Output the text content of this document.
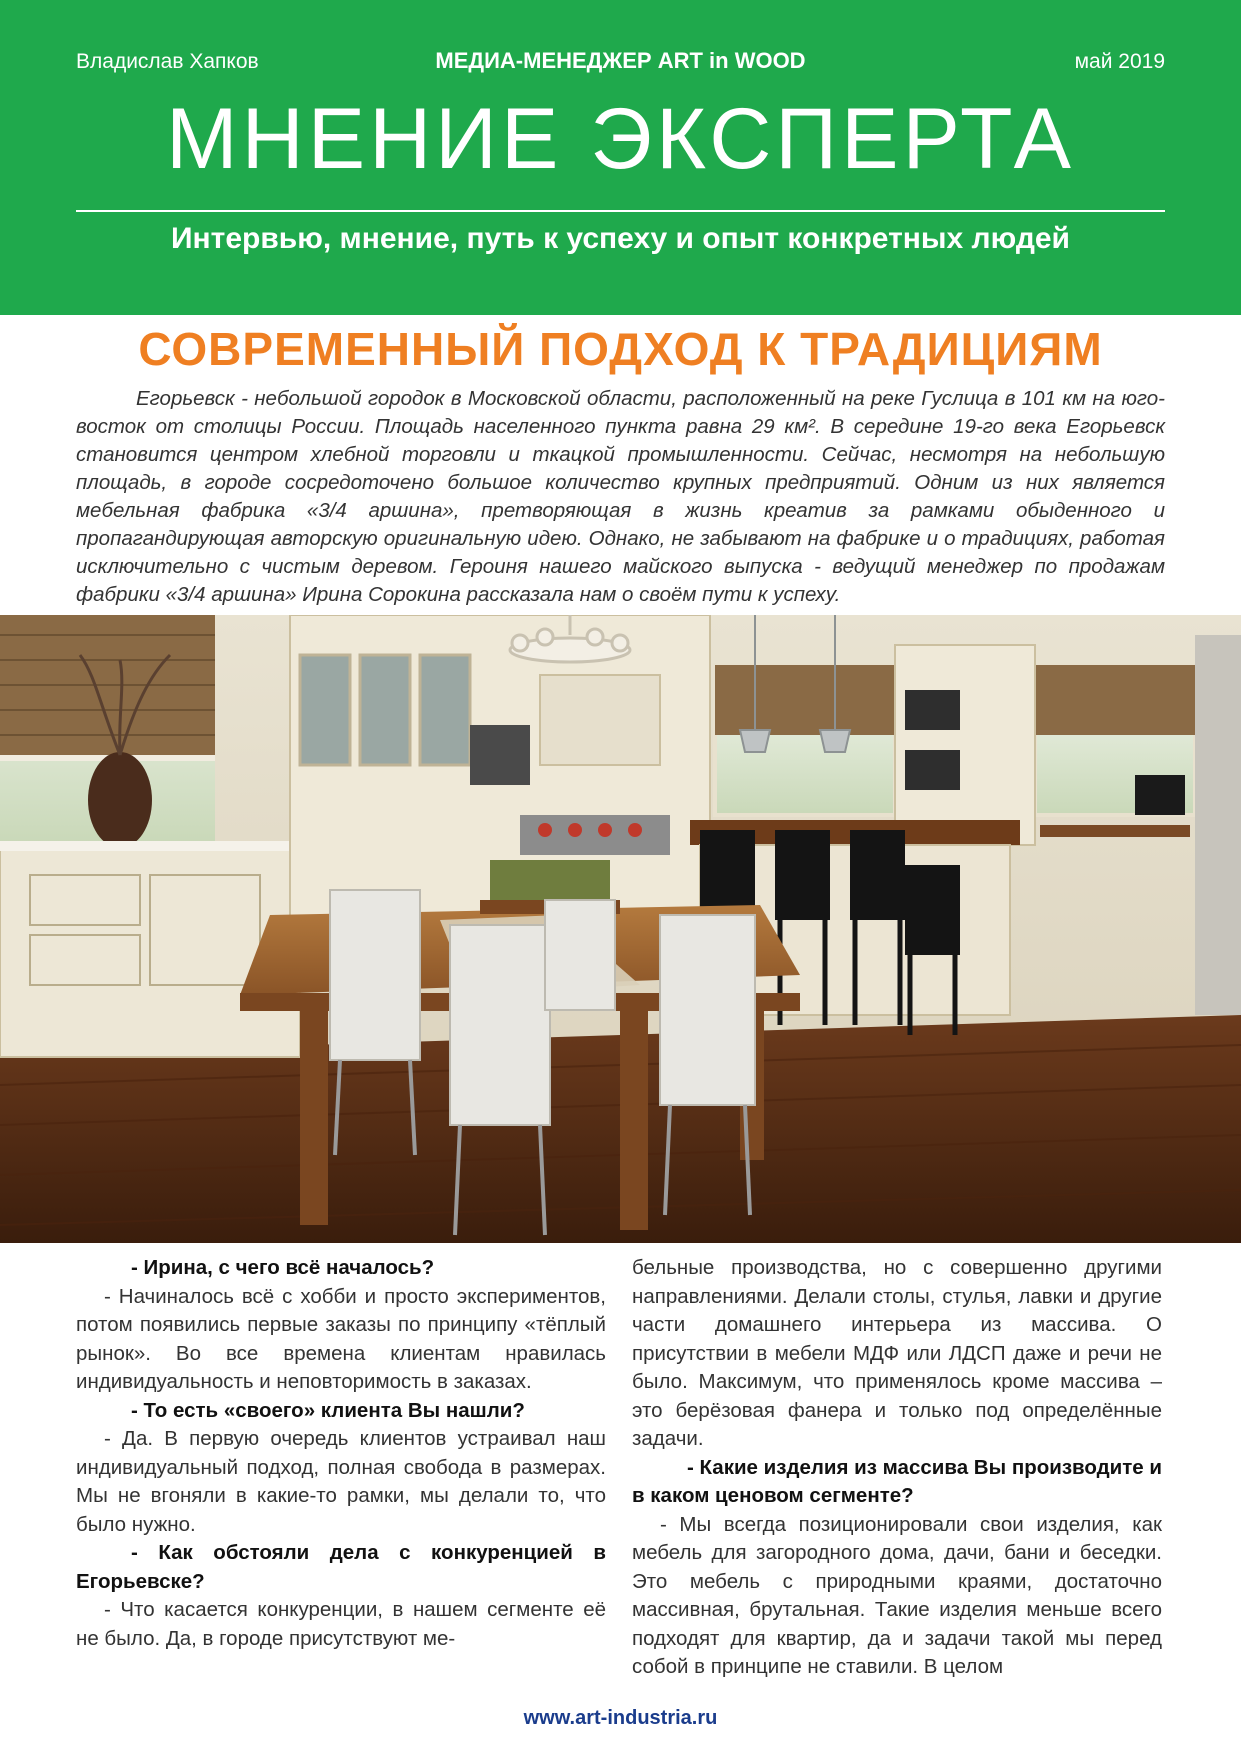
Владислав Хапков	МЕДИА-МЕНЕДЖЕР ART in WOOD	май 2019
МНЕНИЕ ЭКСПЕРТА
Интервью, мнение, путь к успеху и опыт конкретных людей
СОВРЕМЕННЫЙ ПОДХОД К ТРАДИЦИЯМ

Егорьевск - небольшой городок в Московской области, расположенный на реке Гуслица в 101 км на юго-восток от столицы России. Площадь населенного пункта равна 29 км². В середине 19-го века Егорьевск становится центром хлебной торговли и ткацкой промышленности. Сейчас, несмотря на небольшую площадь, в городе сосредоточено большое количество крупных предприятий. Одним из них является мебельная фабрика «3/4 аршина», претворяющая в жизнь креатив за рамками обыденного и пропагандирующая авторскую оригинальную идею. Однако, не забывают на фабрике и о традициях, работая исключительно с чистым деревом. Героиня нашего майского выпуска - ведущий менеджер по продажам фабрики «3/4 аршина» Ирина Сорокина рассказала нам о своём пути к успеху.

- Ирина, с чего всё началось?

- Начиналось всё с хобби и просто экспериментов, потом появились первые заказы по принципу «тёплый рынок». Во все времена клиентам нравилась индивидуальность и неповторимость в заказах.

- То есть «своего» клиента Вы нашли?

- Да. В первую очередь клиентов устраивал наш индивидуальный подход, полная свобода в размерах. Мы не вгоняли в какие-то рамки, мы делали то, что было нужно.

- Как обстояли дела с конкуренцией в Егорьевске?

- Что касается конкуренции, в нашем сегменте её не было. Да, в городе присутствуют ме-

бельные производства, но с совершенно другими направлениями. Делали столы, стулья, лавки и другие части домашнего интерьера из массива. О присутствии в мебели МДФ или ЛДСП даже и речи не было. Максимум, что применялось кроме массива – это берёзовая фанера и только под определённые задачи.

- Какие изделия из массива Вы производите и в каком ценовом сегменте?

- Мы всегда позиционировали свои изделия, как мебель для загородного дома, дачи, бани и беседки. Это мебель с природными краями, достаточно массивная, брутальная. Такие изделия меньше всего подходят для квартир, да и задачи такой мы перед собой в принципе не ставили. В целом

www.art-industria.ru
